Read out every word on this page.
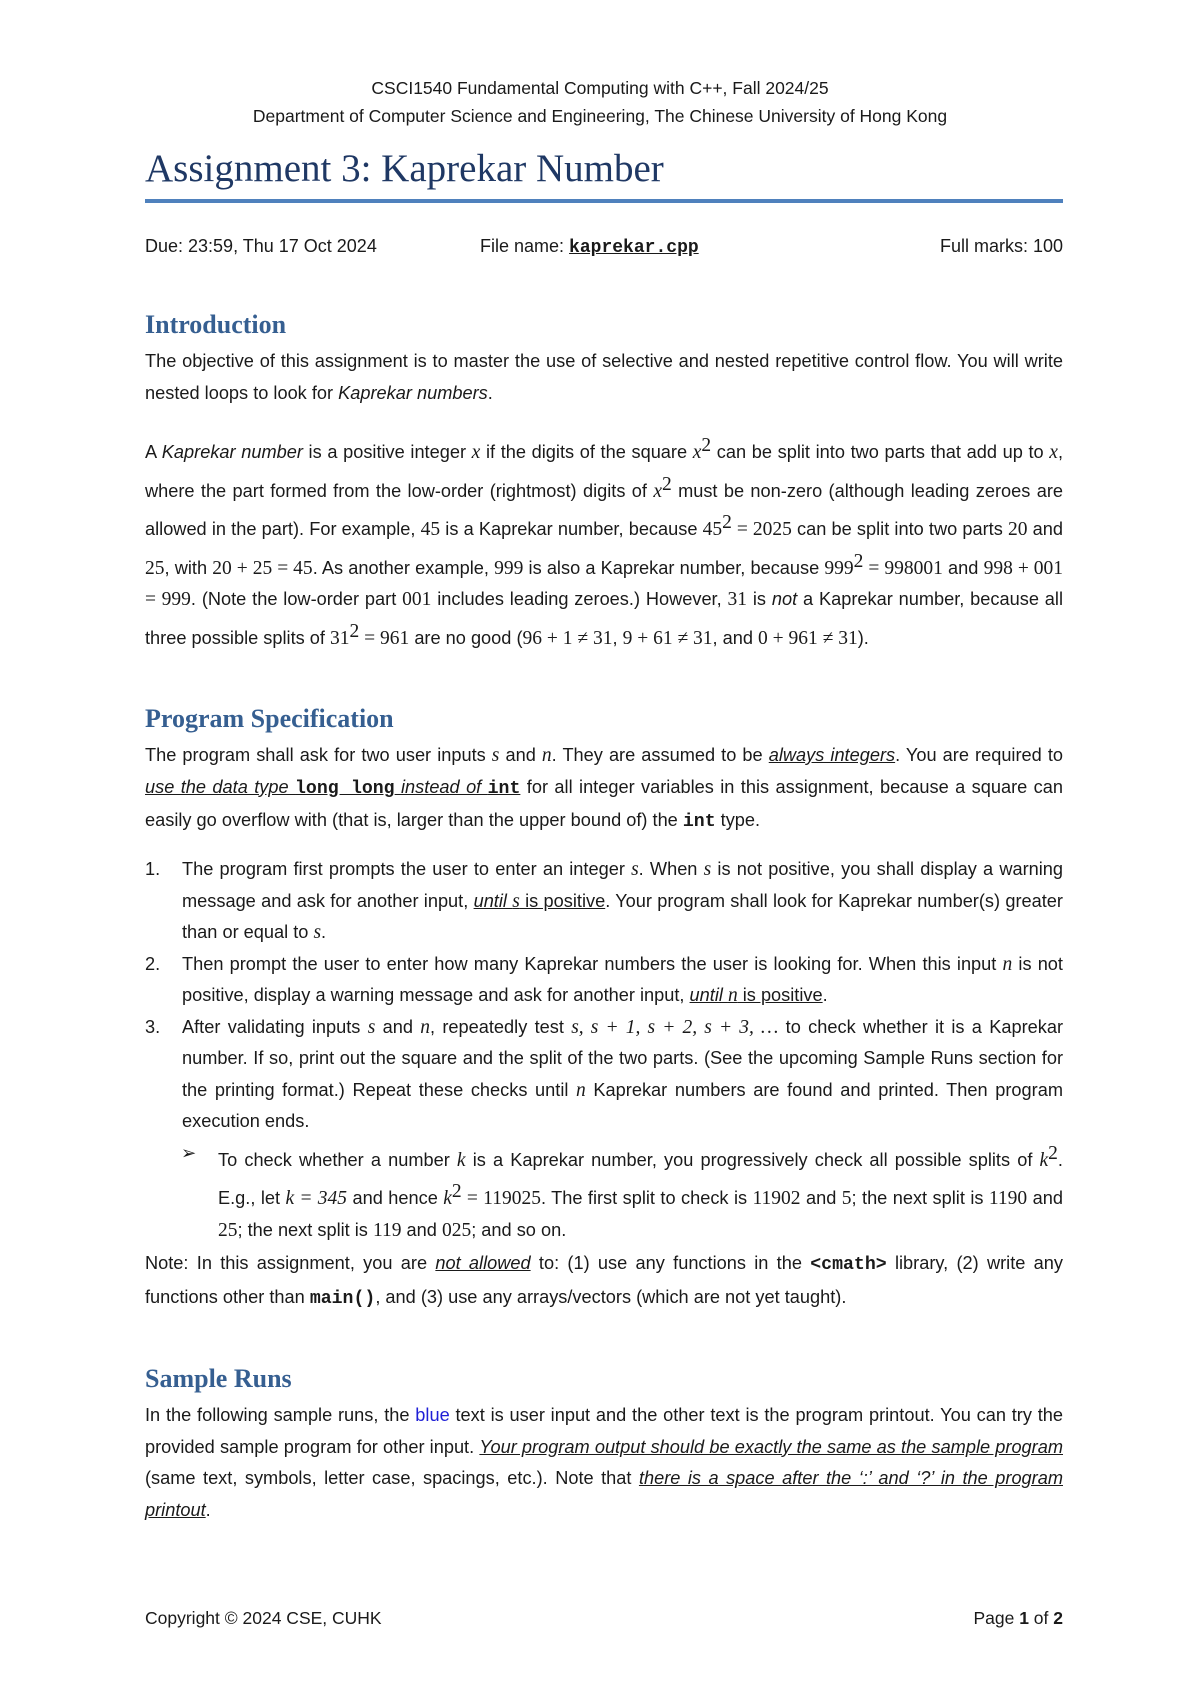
CSCI1540 Fundamental Computing with C++, Fall 2024/25
Department of Computer Science and Engineering, The Chinese University of Hong Kong
Assignment 3: Kaprekar Number
Due: 23:59, Thu 17 Oct 2024	File name: kaprekar.cpp	Full marks: 100
Introduction
The objective of this assignment is to master the use of selective and nested repetitive control flow. You will write nested loops to look for Kaprekar numbers.
A Kaprekar number is a positive integer x if the digits of the square $x^2$ can be split into two parts that add up to x, where the part formed from the low-order (rightmost) digits of $x^2$ must be non-zero (although leading zeroes are allowed in the part). For example, 45 is a Kaprekar number, because $45^2 = 2025$ can be split into two parts 20 and 25, with 20 + 25 = 45. As another example, 999 is also a Kaprekar number, because $999^2 = 998001$ and 998 + 001 = 999. (Note the low-order part 001 includes leading zeroes.) However, 31 is not a Kaprekar number, because all three possible splits of $31^2 = 961$ are no good (96 + 1 ≠ 31, 9 + 61 ≠ 31, and 0 + 961 ≠ 31).
Program Specification
The program shall ask for two user inputs s and n. They are assumed to be always integers. You are required to use the data type long long instead of int for all integer variables in this assignment, because a square can easily go overflow with (that is, larger than the upper bound of) the int type.
1. The program first prompts the user to enter an integer s. When s is not positive, you shall display a warning message and ask for another input, until s is positive. Your program shall look for Kaprekar number(s) greater than or equal to s.
2. Then prompt the user to enter how many Kaprekar numbers the user is looking for. When this input n is not positive, display a warning message and ask for another input, until n is positive.
3. After validating inputs s and n, repeatedly test s, s + 1, s + 2, s + 3, … to check whether it is a Kaprekar number. If so, print out the square and the split of the two parts. (See the upcoming Sample Runs section for the printing format.) Repeat these checks until n Kaprekar numbers are found and printed. Then program execution ends.
➢ To check whether a number k is a Kaprekar number, you progressively check all possible splits of $k^2$. E.g., let k = 345 and hence $k^2 = 119025$. The first split to check is 11902 and 5; the next split is 1190 and 25; the next split is 119 and 025; and so on.
Note: In this assignment, you are not allowed to: (1) use any functions in the <cmath> library, (2) write any functions other than main(), and (3) use any arrays/vectors (which are not yet taught).
Sample Runs
In the following sample runs, the blue text is user input and the other text is the program printout. You can try the provided sample program for other input. Your program output should be exactly the same as the sample program (same text, symbols, letter case, spacings, etc.). Note that there is a space after the ‘:’ and ‘?’ in the program printout.
Copyright © 2024 CSE, CUHK	Page 1 of 2
